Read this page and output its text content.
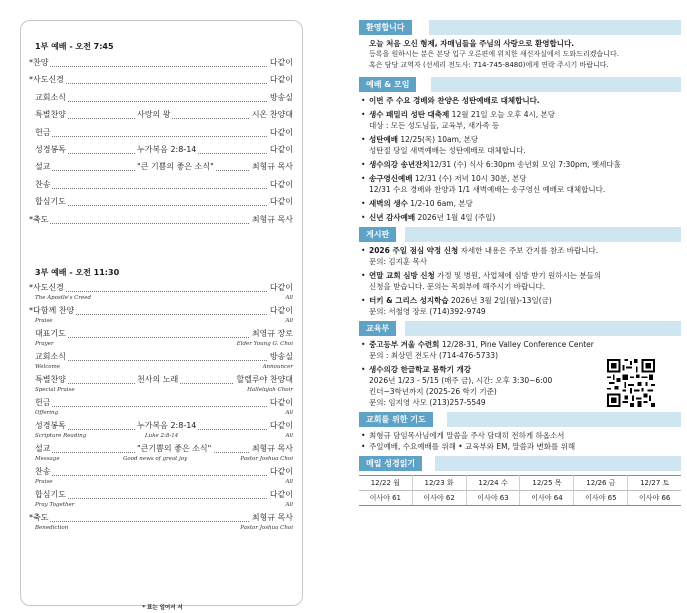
1부 예배 - 오전 7:45
*찬양	다같이
*사도신경	다같이
교회소식	방송실
특별찬양	사랑의 왕	시온 찬양대
헌금	다같이
성경봉독	누가복음 2:8-14	다같이
설교	"큰 기쁨의 좋은 소식"	최형규 목사
찬송	다같이
합심기도	다같이
*축도	최형규 목사
3부 예배 - 오전 11:30
*사도신경	다같이
The Apostle's Creed	All
*다함께 찬양	다같이
Praise	All
대표기도	최영규 장로
Prayer	Elder Young G. Choi
교회소식	방송실
Welcome	Announcer
특별찬양	천사의 노래	할렐루야 찬양대
Special Praise	Hallelujah Choir
헌금	다같이
Offering	All
성경봉독	누가복음 2:8-14	다같이
Scripture Reading	Luke 2:8-14	All
설교	"큰기쁨의 좋은 소식"	최형규 목사
Message	Good news of great joy	Pastor Joshua Choi
찬송	다같이
Praise	All
합심기도	다같이
Pray Together	All
*축도	최형규 목사
Benediction	Pastor Joshua Choi
* 표는 일어서 서
환영합니다
오늘 처음 오신 형제, 자매님들을 주님의 사랑으로 환영합니다.
등록을 원하시는 분은 본당 입구 오른편에 위치한 새신자실에서 도와드리겠습니다.
혹은 담당 교역자 (선세리 전도사: 714-745-8480)에게 연락 주시기 바랍니다.
예배 & 모임
• 이번 주 수요 경배와 찬양은 성탄예배로 대체합니다.
• 생수 패밀리 성탄 대축제 12월 21일 오늘 오후 4시, 본당
대상 : 모든 성도님들, 교육부, 새가족 등
• 성탄예배 12/25(목) 10am, 본당
성탄절 당일 새벽예배는 성탄예배로 대체합니다.
• 생수의강 송년잔치12/31 (수) 식사 6:30pm 송년회 모임 7:30pm, 벳세다홀
• 송구영신예배 12/31 (수) 저녁 10시 30분, 본당
12/31 수요 경배와 찬양과 1/1 새벽예배는 송구영신 예배로 대체합니다.
• 새벽의 생수 1/2-10 6am, 본당
• 신년 감사예배 2026년 1월 4일 (주일)
게시판
• 2026 주일 점심 약정 신청 자세한 내용은 주보 간지를 참조 바랍니다.
문의: 김지훈 목사
• 연말 교회 심방 신청 가정 및 병원, 사업체에 심방 받기 원하시는 분들의
신청을 받습니다. 문의는 목회부에 해주시기 바랍니다.
• 터키 & 그리스 성지학습 2026년 3월 2일(월)-13일(금)
문의: 서철영 장로 (714)392-9749
교육부
• 중고등부 겨울 수련회 12/28-31, Pine Valley Conference Center
문의 : 최상민 전도사 (714-476-5733)
• 생수의강 한글학교 봄학기 개강
2026년 1/23 - 5/15 (매주 금), 시간: 오후 3:30~6:00
킨더~3학년까지 (2025-26 학기 기준)
문의: 임지영 사모 (213)257-5549
교회를 위한 기도
• 최형규 담임목사님에게 말씀을 주사 담대히 전하게 하옵소서
• 주일예배, 수요예배를 위해 • 교육부와 EM, 말씀과 변화를 위해
매일 성경읽기
12/22 월	12/23 화	12/24 수	12/25 목	12/26 금	12/27 토
이사야 61	이사야 62	이사야 63	이사야 64	이사야 65	이사야 66
